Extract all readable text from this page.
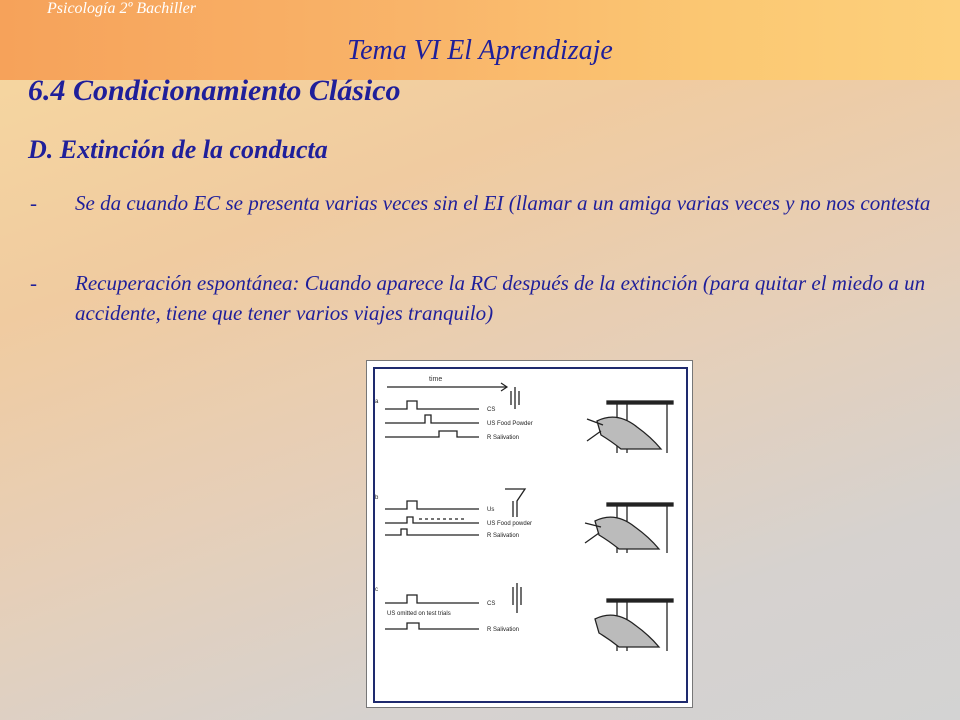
Psicología 2º Bachiller
Tema VI El Aprendizaje
6.4 Condicionamiento Clásico
D. Extinción de la conducta
- Se da cuando EC se presenta varias veces sin el EI (llamar a un amiga varias veces y no nos contesta
- Recuperación espontánea: Cuando aparece la RC después de la extinción (para quitar el miedo a un accidente, tiene que tener varios viajes tranquilo)
time
a
CS
US Food Powder
R Salivation
b
Us
US Food powder
R Salivation
c
CS
US omitted on test trials
R Salivation
